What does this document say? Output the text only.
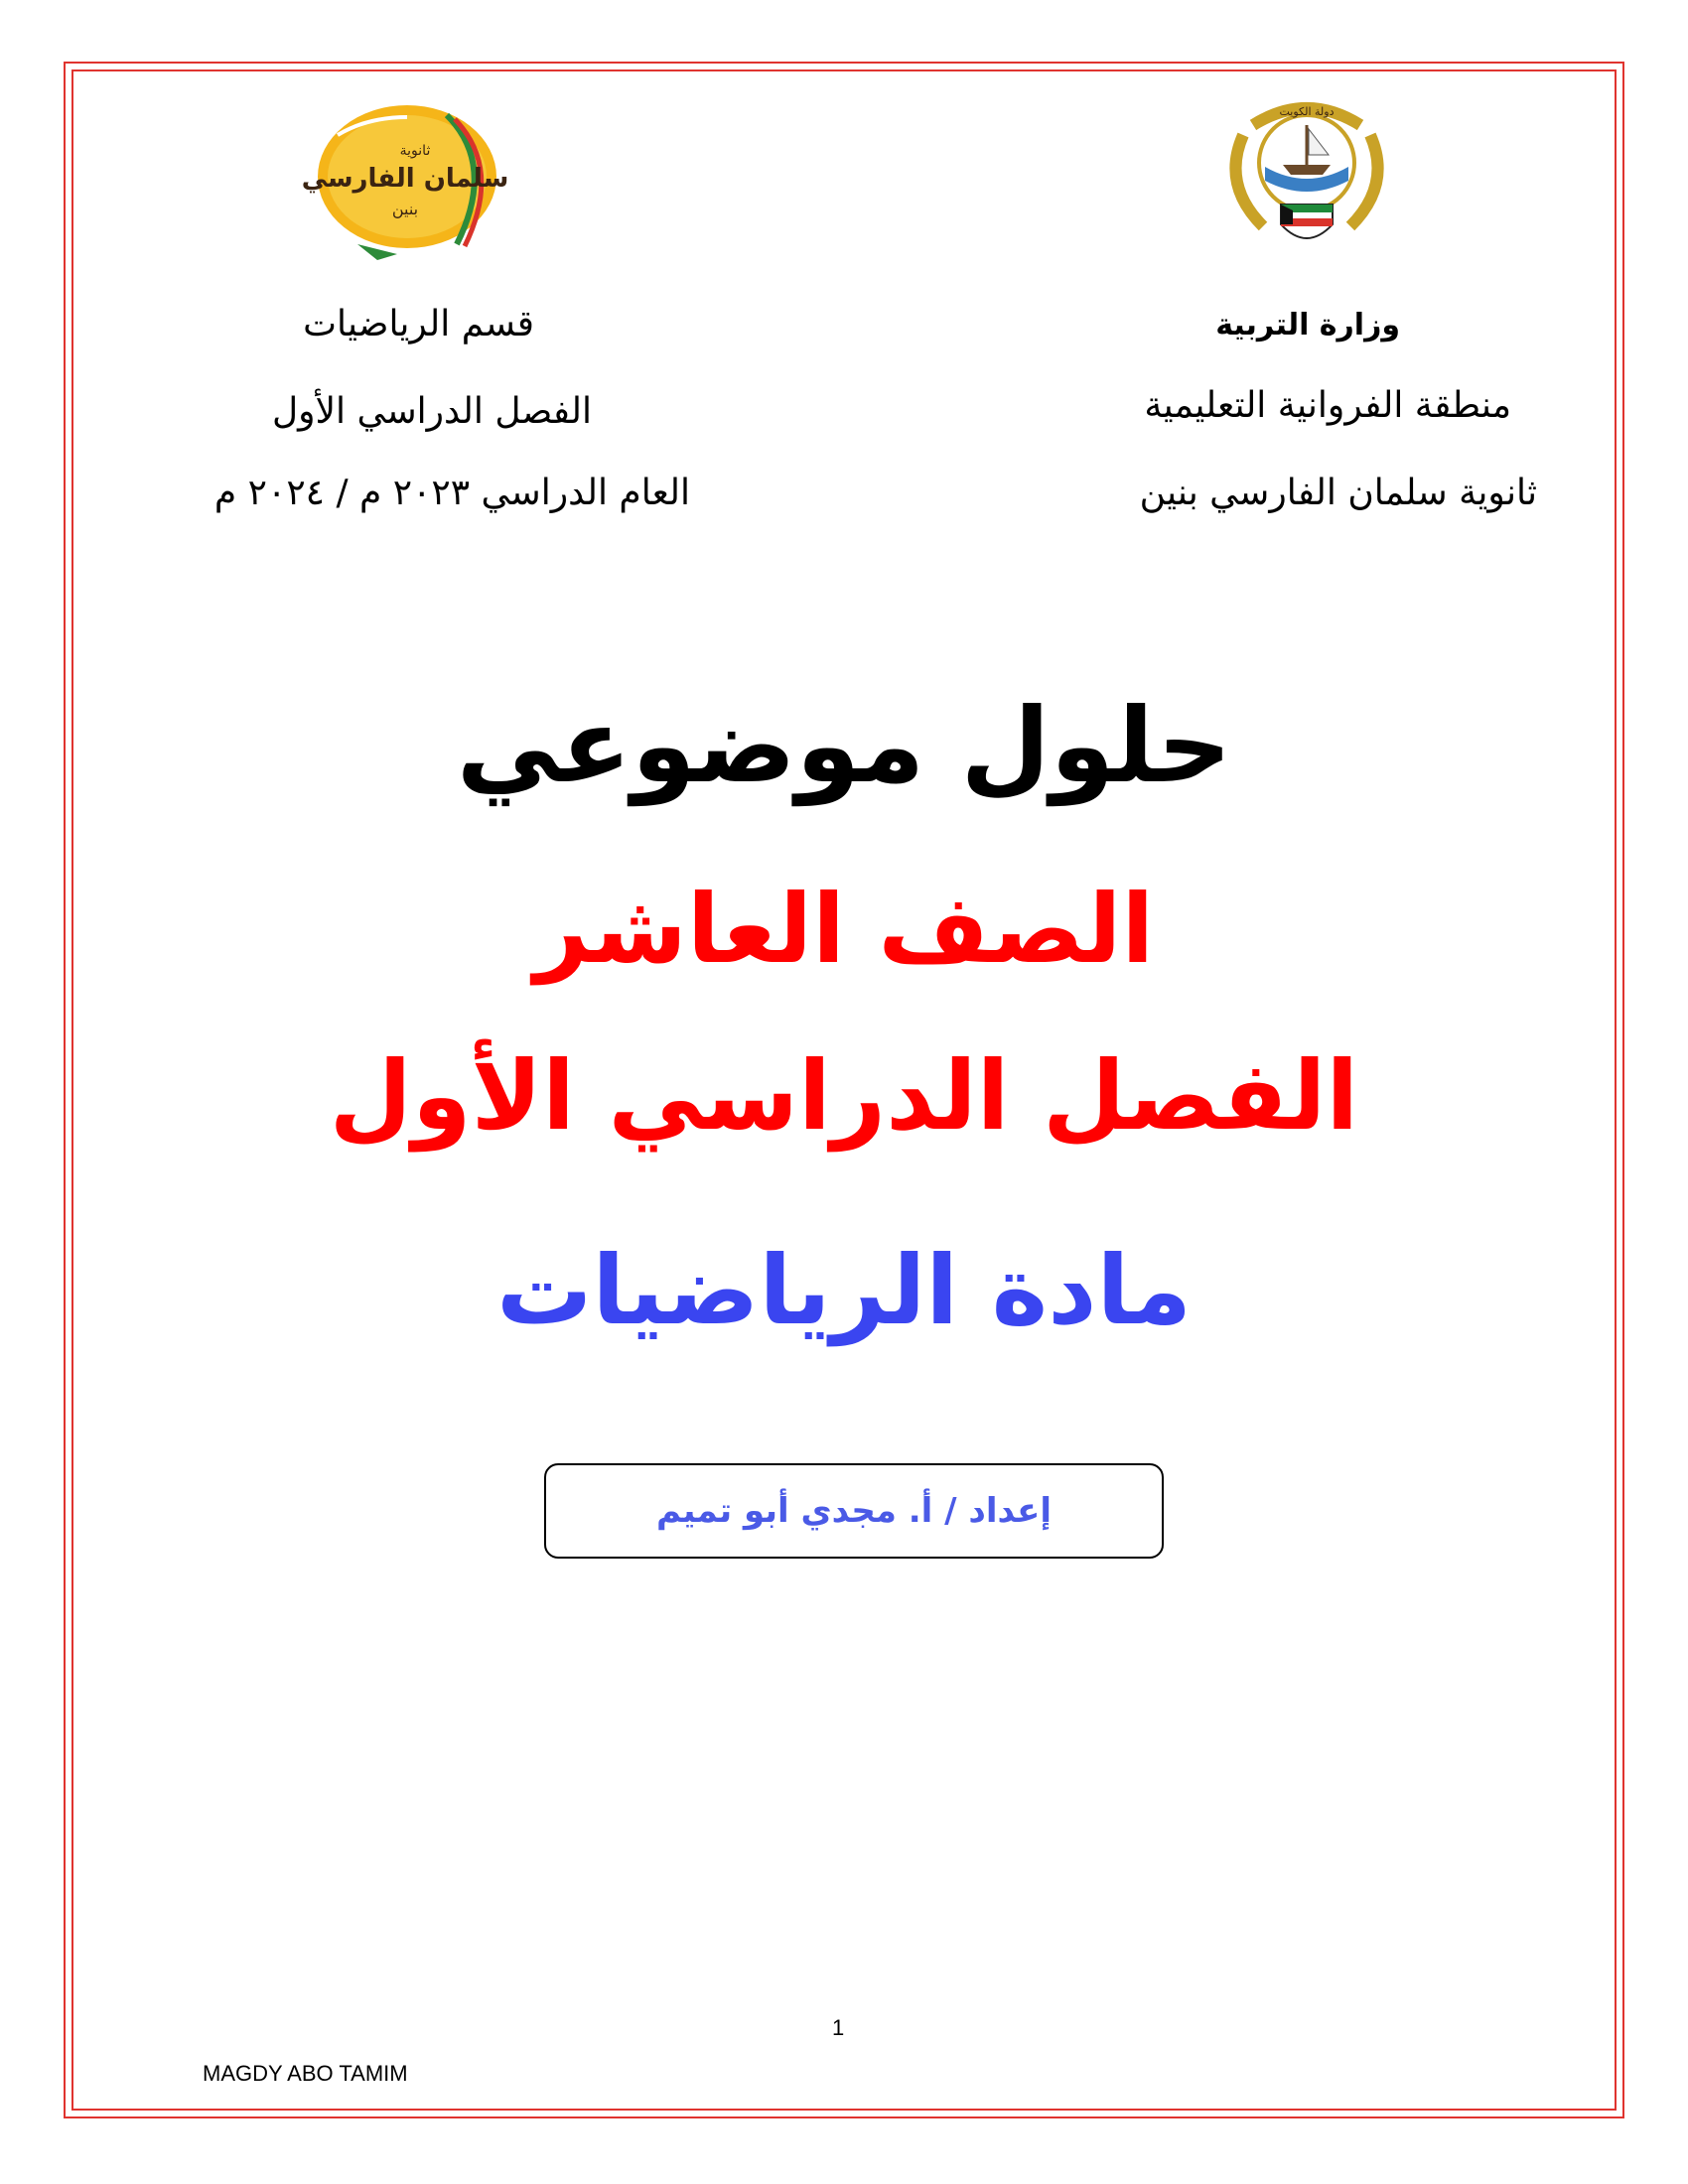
سلمان الفارسي
ثانوية
بنين
دولة الكويت
وزارة التربية
منطقة الفروانية التعليمية
ثانوية سلمان الفارسي بنين
قسم الرياضيات
الفصل الدراسي الأول
العام الدراسي ٢٠٢٣ م / ٢٠٢٤ م
حلول موضوعي
الصف العاشر
الفصل الدراسي الأول
مادة الرياضيات
إعداد / أ. مجدي أبو تميم
1
MAGDY ABO TAMIM
